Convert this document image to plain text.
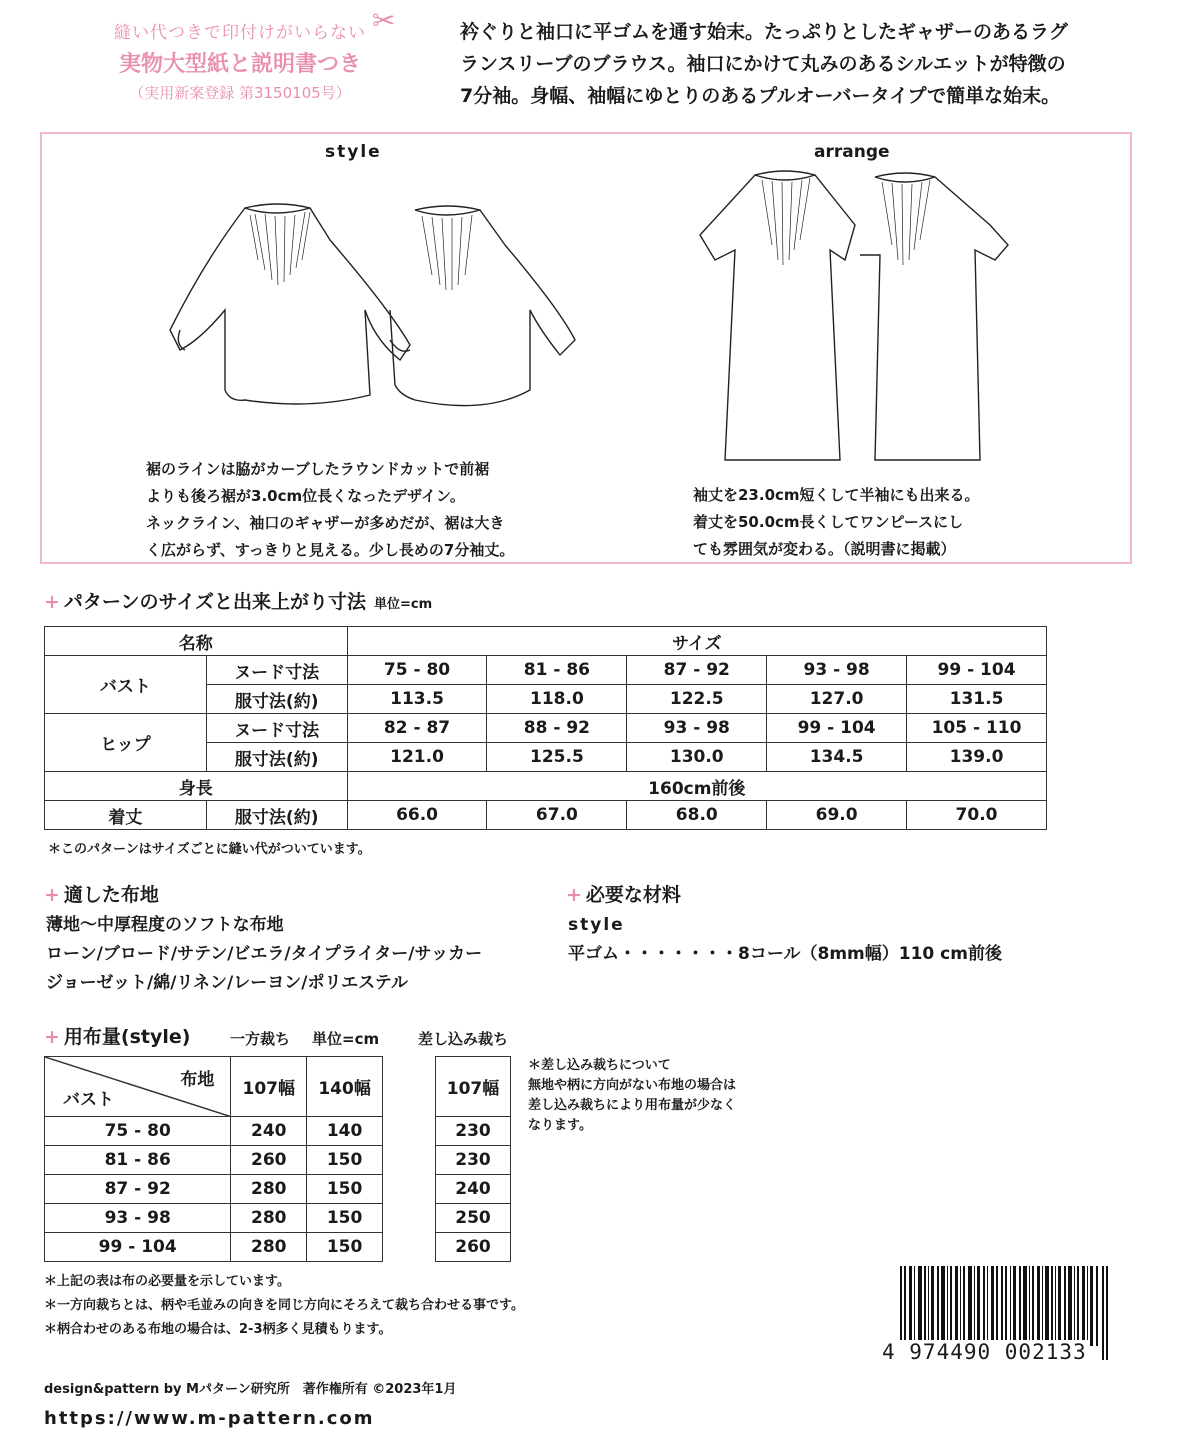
縫い代つきで印付けがいらない
実物大型紙と説明書つき
（実用新案登録 第3150105号）
✂	衿ぐりと袖口に平ゴムを通す始末。たっぷりとしたギャザーのあるラグ
ランスリーブのブラウス。袖口にかけて丸みのあるシルエットが特徴の
7分袖。身幅、袖幅にゆとりのあるプルオーバータイプで簡単な始末。
style	arrange
裾のラインは脇がカーブしたラウンドカットで前裾
よりも後ろ裾が3.0cm位長くなったデザイン。
ネックライン、袖口のギャザーが多めだが、裾は大き
く広がらず、すっきりと見える。少し長めの7分袖丈。
袖丈を23.0cm短くして半袖にも出来る。
着丈を50.0cm長くしてワンピースにし
ても雰囲気が変わる。（説明書に掲載）
+ パターンのサイズと出来上がり寸法 単位=cm
名称		サイズ				
バスト	ヌード寸法	75 - 80	81 - 86	87 - 92	93 - 98	99 - 104
	服寸法(約)	113.5	118.0	122.5	127.0	131.5
ヒップ	ヌード寸法	82 - 87	88 - 92	93 - 98	99 - 104	105 - 110
	服寸法(約)	121.0	125.5	130.0	134.5	139.0
身長		160cm前後				
着丈	服寸法(約)	66.0	67.0	68.0	69.0	70.0
＊このパターンはサイズごとに縫い代がついています。
+ 適した布地
薄地〜中厚程度のソフトな布地
ローン/ブロード/サテン/ビエラ/タイプライター/サッカー
ジョーゼット/綿/リネン/レーヨン/ポリエステル
+ 必要な材料
style
平ゴム・・・・・・・8コール（8mm幅）110 cm前後
+ 用布量(style)	一方裁ち 単位=cm	差し込み裁ち
布地
バスト	107幅	140幅
75 - 80	240	140
81 - 86	260	150
87 - 92	280	150
93 - 98	280	150
99 - 104	280	150
107幅
230
230
240
250
260
＊差し込み裁ちについて
無地や柄に方向がない布地の場合は
差し込み裁ちにより用布量が少なく
なります。
＊上記の表は布の必要量を示しています。
＊一方向裁ちとは、柄や毛並みの向きを同じ方向にそろえて裁ち合わせる事です。
＊柄合わせのある布地の場合は、2-3柄多く見積もります。
4 974490 002133
design&pattern by Mパターン研究所　著作権所有 ©2023年1月
https://www.m-pattern.com
